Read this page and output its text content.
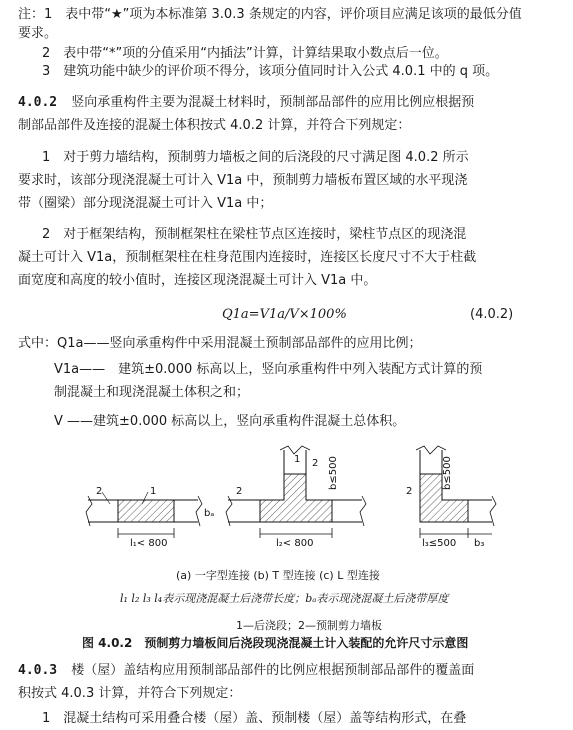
注：1　表中带“★”项为本标准第 3.0.3 条规定的内容，评价项目应满足该项的最低分值
要求。
2　表中带“*”项的分值采用“内插法”计算，计算结果取小数点后一位。
3　建筑功能中缺少的评价项不得分，该项分值同时计入公式 4.0.1 中的 q 项。
4.0.2 竖向承重构件主要为混凝土材料时，预制部品部件的应用比例应根据预
制部品部件及连接的混凝土体积按式 4.0.2 计算，并符合下列规定：
1　对于剪力墙结构，预制剪力墙板之间的后浇段的尺寸满足图 4.0.2 所示
要求时，该部分现浇混凝土可计入 V1a 中，预制剪力墙板布置区域的水平现浇
带（圈梁）部分现浇混凝土可计入 V1a 中；
2　对于框架结构，预制框架柱在梁柱节点区连接时，梁柱节点区的现浇混
凝土可计入 V1a，预制框架柱在柱身范围内连接时，连接区长度尺寸不大于柱截
面宽度和高度的较小值时，连接区现浇混凝土可计入 V1a 中。
Q1a=V1a/V×100%	(4.0.2)
式中：Q1a——竖向承重构件中采用混凝土预制部品部件的应用比例；
V1a——　建筑±0.000 标高以上，竖向承重构件中列入装配方式计算的预
制混凝土和现浇混凝土体积之和；
V ——建筑±0.000 标高以上，竖向承重构件混凝土总体积。
l₁< 800
2	1
bₐ
l₂< 800
2
1 2 b≤500
l₃≤500 b₃
2
b≤500
(a) 一字型连接 (b) T 型连接 (c) L 型连接
l₁ l₂ l₃ l₄表示现浇混凝土后浇带长度；bₐ表示现浇混凝土后浇带厚度
1—后浇段；2—预制剪力墙板
图 4.0.2　预制剪力墙板间后浇段现浇混凝土计入装配的允许尺寸示意图
4.0.3 楼（屋）盖结构应用预制部品部件的比例应根据预制部品部件的覆盖面
积按式 4.0.3 计算，并符合下列规定：
1　混凝土结构可采用叠合楼（屋）盖、预制楼（屋）盖等结构形式，在叠
